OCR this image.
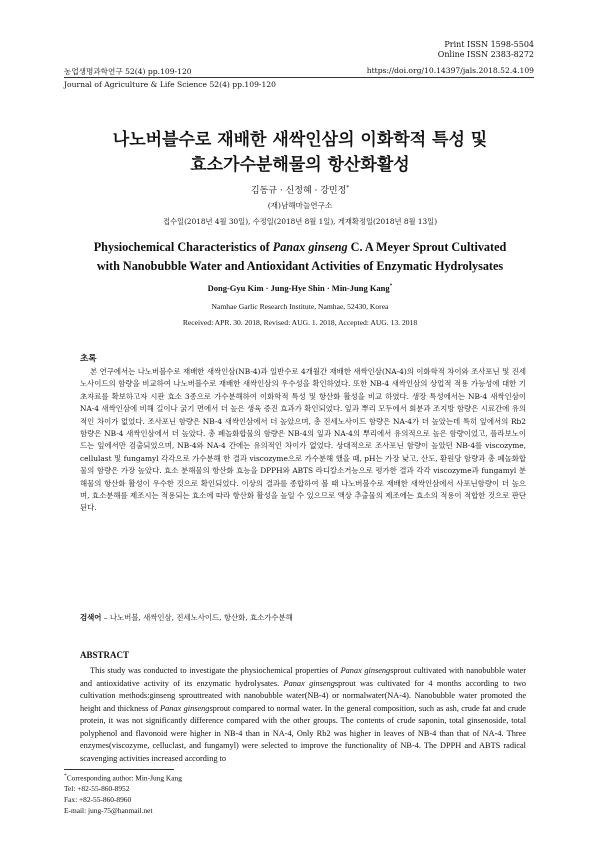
Print ISSN 1598-5504
Online ISSN 2383-8272
농업생명과학연구 52(4) pp.109-120	https://doi.org/10.14397/jals.2018.52.4.109
Journal of Agriculture & Life Science 52(4) pp.109-120
나노버블수로 재배한 새싹인삼의 이화학적 특성 및
효소가수분해물의 항산화활성
김동규 · 신정혜 · 강민정*
(재)남해마늘연구소
접수일(2018년 4월 30일), 수정일(2018년 8월 1일), 게재확정일(2018년 8월 13일)
Physiochemical Characteristics of Panax ginseng C. A Meyer Sprout Cultivated
with Nanobubble Water and Antioxidant Activities of Enzymatic Hydrolysates
Dong-Gyu Kim · Jung-Hye Shin · Min-Jung Kang*
Namhae Garlic Research Institute, Namhae, 52430, Korea
Received: APR. 30. 2018, Revised: AUG. 1. 2018, Accepted: AUG. 13. 2018
초록
본 연구에서는 나노버블수로 재배한 새싹인삼(NB-4)과 일반수로 4개월간 재배한 새싹인삼(NA-4)의 이화학적 차이와 조사포닌 및 진세노사이드의 함량을 비교하여 나노버블수로 재배한 새싹인삼의 우수성을 확인하였다. 또한 NB-4 새싹인삼의 상업적 적용 가능성에 대한 기초자료를 확보하고자 시판 효소 3종으로 가수분해하여 이화학적 특성 및 항산화 활성을 비교 하였다. 생장 특성에서는 NB-4 새싹인삼이 NA-4 새싹인삼에 비해 길이나 굵기 면에서 더 높은 생육 증진 효과가 확인되었다. 잎과 뿌리 모두에서 회분과 조지방 함량은 시료간에 유의적인 차이가 없었다. 조사포닌 함량은 NB-4 새싹인삼에서 더 높았으며, 총 진세노사이드 함량은 NA-4가 더 높았는데 특히 잎에서의 Rb2 함량은 NB-4 새싹인삼에서 더 높았다. 총 폐놀화합물의 함량은 NB-4의 잎과 NA-4의 뿌리에서 유의적으로 높은 함량이었고, 플라보노이드는 잎에서만 검출되었으며, NB-4와 NA-4 간에는 유의적인 차이가 없었다. 상대적으로 조사포닌 함량이 높았던 NB-4를 viscozyme, cellulast 및 fungamyl 각각으로 가수분해 한 결과 viscozyme으로 가수분해 했을 때, pH는 가장 낮고, 산도, 환원당 함량과 총 폐놀화합물의 함량은 가장 높았다. 효소 분해물의 항산화 효능을 DPPH와 ABTS 라디칼소거능으로 평가한 결과 각각 viscozyme과 fungamyl 분해물의 항산화 활성이 우수한 것으로 확인되었다. 이상의 결과를 종합하여 볼 때 나노버블수로 재배한 새싹인삼에서 사포닌함량이 더 높으며, 효소분해를 제조시는 적용되는 효소에 따라 항산화 활성을 높일 수 있으므로 액상 추출물의 제조에는 효소의 적용이 적합한 것으로 판단된다.
검색어 – 나노버블, 새싹인삼, 진세노사이드, 항산화, 효소가수분해
ABSTRACT
This study was conducted to investigate the physiochemical properties of Panax ginsengsprout cultivated with nanobubble water and antioxidative activity of its enzymatic hydrolysates. Panax ginsengsprout was cultivated for 4 months according to two cultivation methods:ginseng sprouttreated with nanobubble water(NB-4) or normalwater(NA-4). Nanobubble water promoted the height and thickness of Panax ginsengsprout compared to normal water. In the general composition, such as ash, crude fat and crude protein, it was not significantly difference compared with the other groups. The contents of crude saponin, total ginsenoside, total polyphenol and flavonoid were higher in NB-4 than in NA-4, Only Rb2 was higher in leaves of NB-4 than that of NA-4. Three enzymes(viscozyme, celluclast, and fungamyl) were selected to improve the functionality of NB-4. The DPPH and ABTS radical scavenging activities increased according to
*Corresponding author: Min-Jung Kang
Tel: +82-55-860-8952
Fax: +82-55-860-8960
E-mail: jung-75@hanmail.net
